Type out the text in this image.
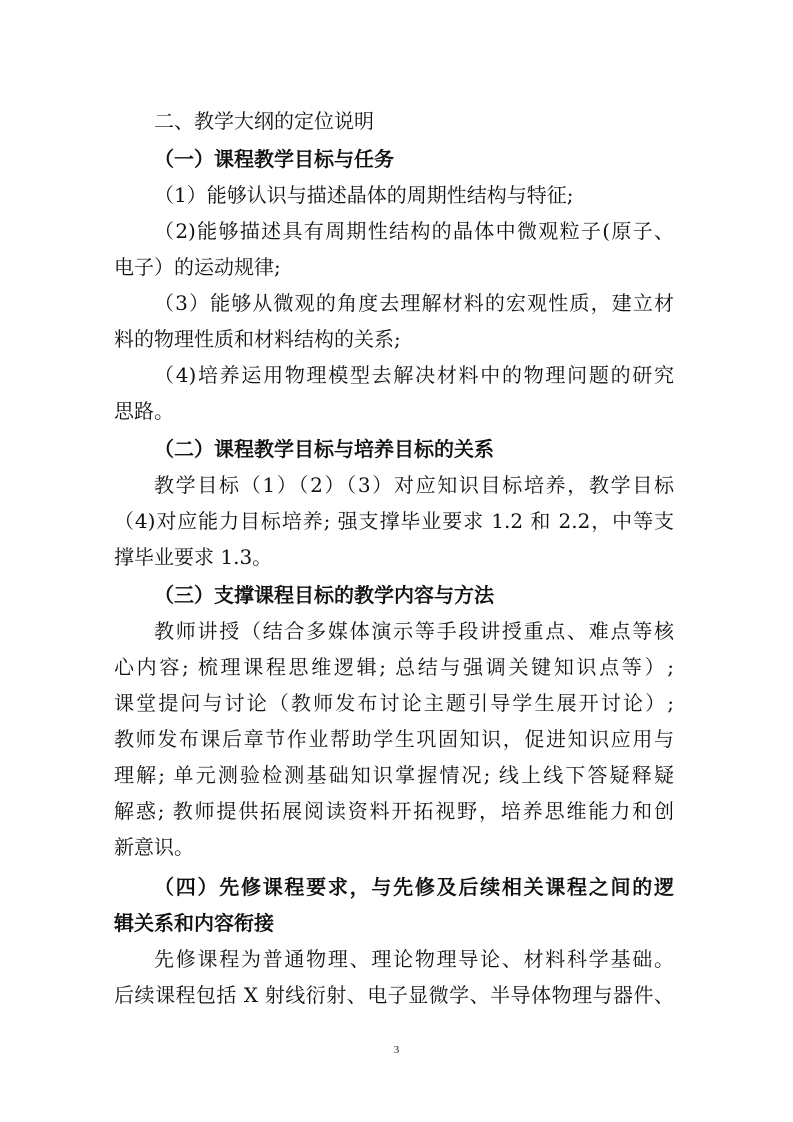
二、教学大纲的定位说明
（一）课程教学目标与任务
（1）能够认识与描述晶体的周期性结构与特征;
（2)能够描述具有周期性结构的晶体中微观粒子(原子、
电子）的运动规律;
（3）能够从微观的角度去理解材料的宏观性质，建立材
料的物理性质和材料结构的关系;
（4)培养运用物理模型去解决材料中的物理问题的研究
思路。
（二）课程教学目标与培养目标的关系
教学目标（1）（2）（3）对应知识目标培养，教学目标
（4)对应能力目标培养; 强支撑毕业要求 1.2 和 2.2，中等支
撑毕业要求 1.3。
（三）支撑课程目标的教学内容与方法
教师讲授（结合多媒体演示等手段讲授重点、难点等核
心内容; 梳理课程思维逻辑; 总结与强调关键知识点等）;
课堂提问与讨论（教师发布讨论主题引导学生展开讨论）;
教师发布课后章节作业帮助学生巩固知识，促进知识应用与
理解; 单元测验检测基础知识掌握情况; 线上线下答疑释疑
解惑; 教师提供拓展阅读资料开拓视野，培养思维能力和创
新意识。
（四）先修课程要求，与先修及后续相关课程之间的逻
辑关系和内容衔接
先修课程为普通物理、理论物理导论、材料科学基础。
后续课程包括 X 射线衍射、电子显微学、半导体物理与器件、
3
